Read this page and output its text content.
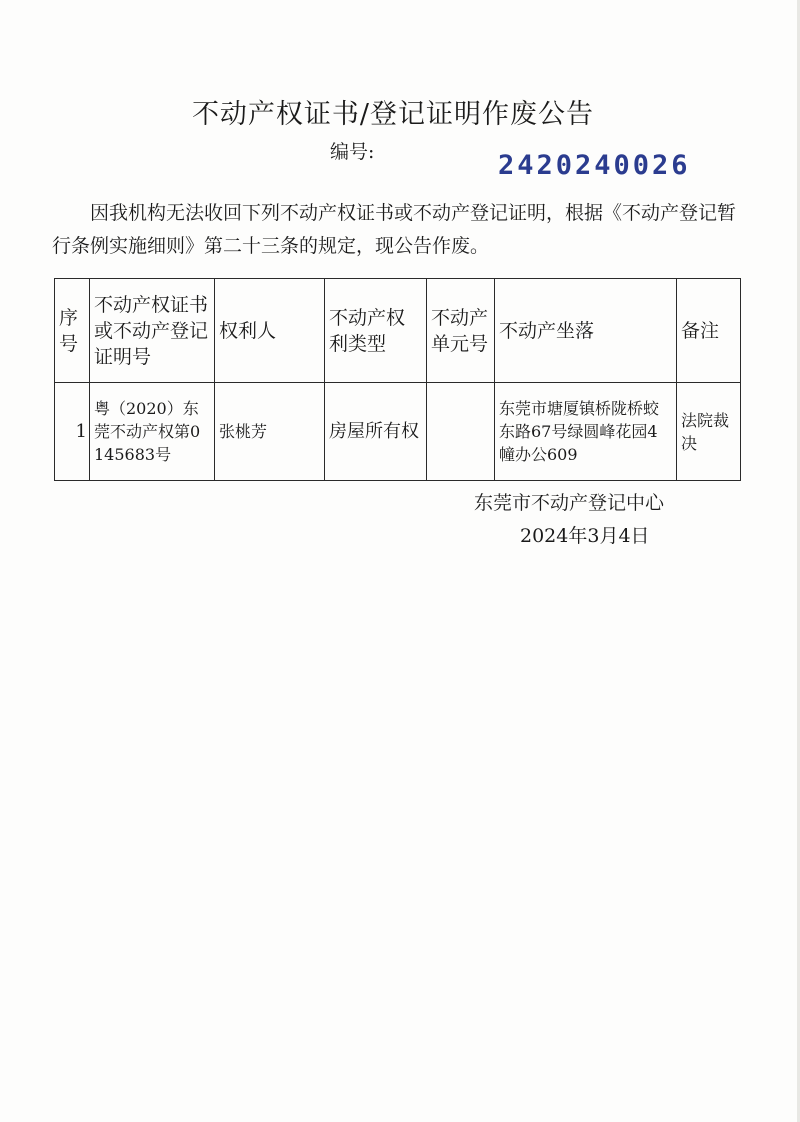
不动产权证书/登记证明作废公告
编号:	2420240026
因我机构无法收回下列不动产权证书或不动产登记证明，根据《不动产登记暂行条例实施细则》第二十三条的规定，现公告作废。
序号	不动产权证书或不动产登记证明号	权利人	不动产权利类型	不动产单元号	不动产坐落	备注
1	粤（2020）东莞不动产权第0145683号	张桃芳	房屋所有权		东莞市塘厦镇桥陇桥蛟东路67号绿圆峰花园4幢办公609	法院裁决
东莞市不动产登记中心
2024年3月4日
